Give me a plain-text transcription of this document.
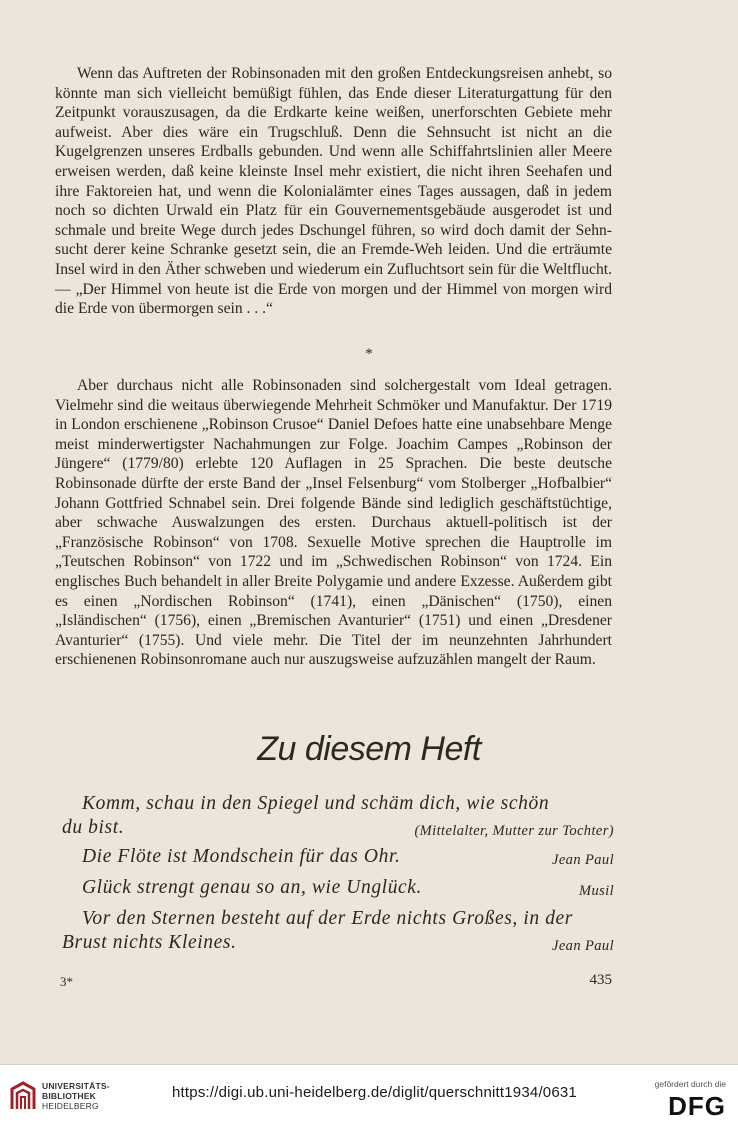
Wenn das Auftreten der Robinsonaden mit den großen Entdeckungsreisen anhebt, so könnte man sich vielleicht bemüßigt fühlen, das Ende dieser Literaturgattung für den Zeitpunkt vorauszusagen, da die Erdkarte keine weißen, unerforschten Gebiete mehr aufweist. Aber dies wäre ein Trugschluß. Denn die Sehnsucht ist nicht an die Kugelgrenzen unseres Erdballs gebunden. Und wenn alle Schiffahrtslinien aller Meere erweisen werden, daß keine kleinste Insel mehr existiert, die nicht ihren Seehafen und ihre Faktoreien hat, und wenn die Kolonialämter eines Tages aussagen, daß in jedem noch so dichten Urwald ein Platz für ein Gouvernementsgebäude ausgerodet ist und schmale und breite Wege durch jedes Dschungel führen, so wird doch damit der Sehnsucht derer keine Schranke gesetzt sein, die an Fremde-Weh leiden. Und die erträumte Insel wird in den Äther schweben und wiederum ein Zufluchtsort sein für die Weltflucht. — „Der Himmel von heute ist die Erde von morgen und der Himmel von morgen wird die Erde von übermorgen sein . . .“

*

Aber durchaus nicht alle Robinsonaden sind solchergestalt vom Ideal getragen. Vielmehr sind die weitaus überwiegende Mehrheit Schmöker und Manufaktur. Der 1719 in London erschienene „Robinson Crusoe“ Daniel Defoes hatte eine unabsehbare Menge meist minderwertigster Nachahmungen zur Folge. Joachim Campes „Robinson der Jüngere“ (1779/80) erlebte 120 Auflagen in 25 Sprachen. Die beste deutsche Robinsonade dürfte der erste Band der „Insel Felsenburg“ vom Stolberger „Hofbalbier“ Johann Gottfried Schnabel sein. Drei folgende Bände sind lediglich geschäftstüchtige, aber schwache Auswalzungen des ersten. Durchaus aktuell-politisch ist der „Französische Robinson“ von 1708. Sexuelle Motive sprechen die Hauptrolle im „Teutschen Robinson“ von 1722 und im „Schwedischen Robinson“ von 1724. Ein englisches Buch behandelt in aller Breite Polygamie und andere Exzesse. Außerdem gibt es einen „Nordischen Robinson“ (1741), einen „Dänischen“ (1750), einen „Isländischen“ (1756), einen „Bremischen Avanturier“ (1751) und einen „Dresdener Avanturier“ (1755). Und viele mehr. Die Titel der im neunzehnten Jahrhundert erschienenen Robinsonromane auch nur auszugsweise aufzuzählen mangelt der Raum.

Zu diesem Heft
Komm, schau in den Spiegel und schäm dich, wie schön
du bist.	(Mittelalter, Mutter zur Tochter)
Die Flöte ist Mondschein für das Ohr.	Jean Paul
Glück strengt genau so an, wie Unglück.	Musil
Vor den Sternen besteht auf der Erde nichts Großes, in der
Brust nichts Kleines.	Jean Paul
3*	435
UNIVERSITÄTS-
BIBLIOTHEK
HEIDELBERG
https://digi.ub.uni-heidelberg.de/diglit/querschnitt1934/0631	gefördert durch die
DFG
